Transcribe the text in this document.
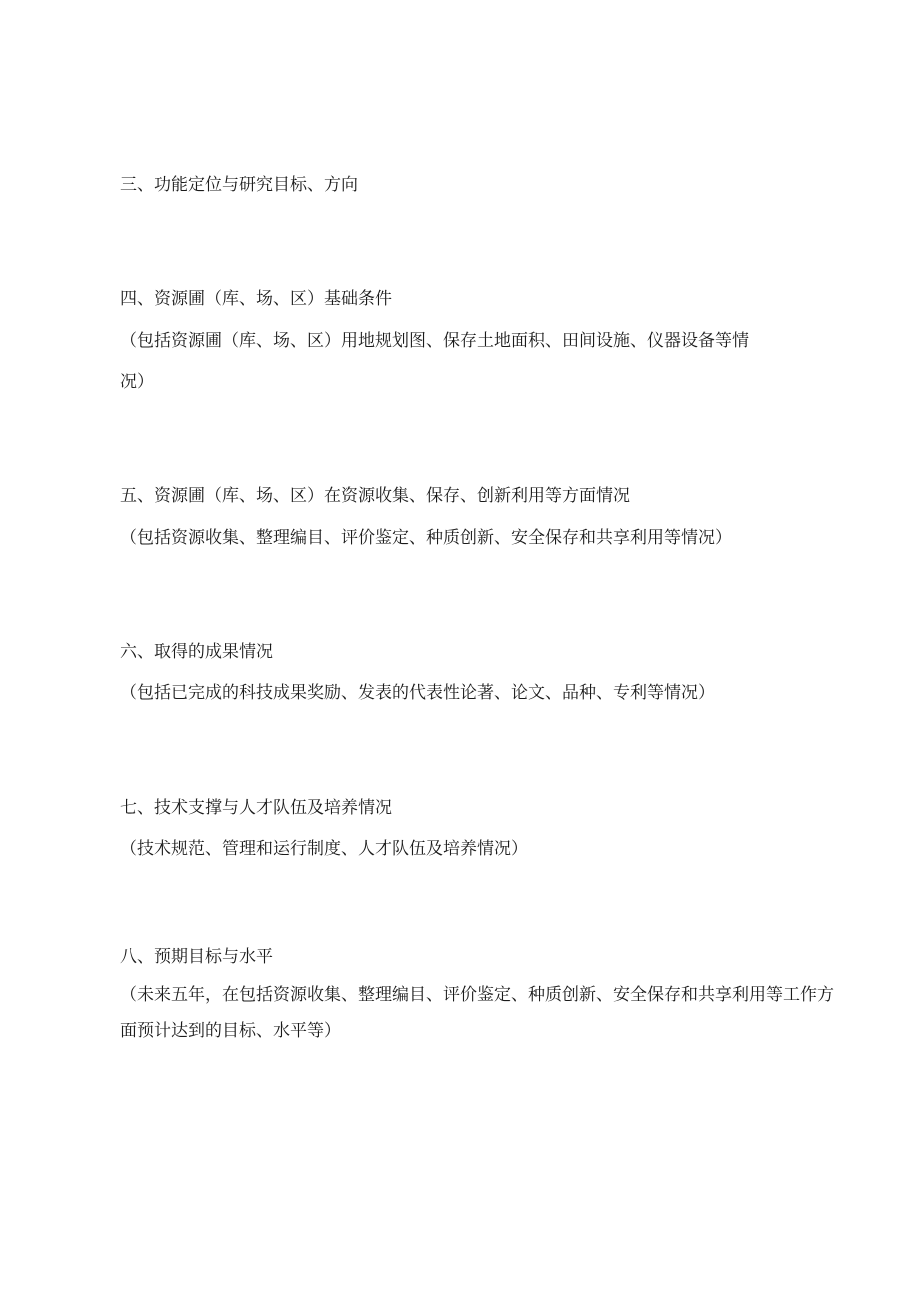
三、功能定位与研究目标、方向
四、资源圃（库、场、区）基础条件
（包括资源圃（库、场、区）用地规划图、保存土地面积、田间设施、仪器设备等情
况）
五、资源圃（库、场、区）在资源收集、保存、创新利用等方面情况
（包括资源收集、整理编目、评价鉴定、种质创新、安全保存和共享利用等情况）
六、取得的成果情况
（包括已完成的科技成果奖励、发表的代表性论著、论文、品种、专利等情况）
七、技术支撑与人才队伍及培养情况
（技术规范、管理和运行制度、人才队伍及培养情况）
八、预期目标与水平
（未来五年，在包括资源收集、整理编目、评价鉴定、种质创新、安全保存和共享利用等工作方
面预计达到的目标、水平等）
